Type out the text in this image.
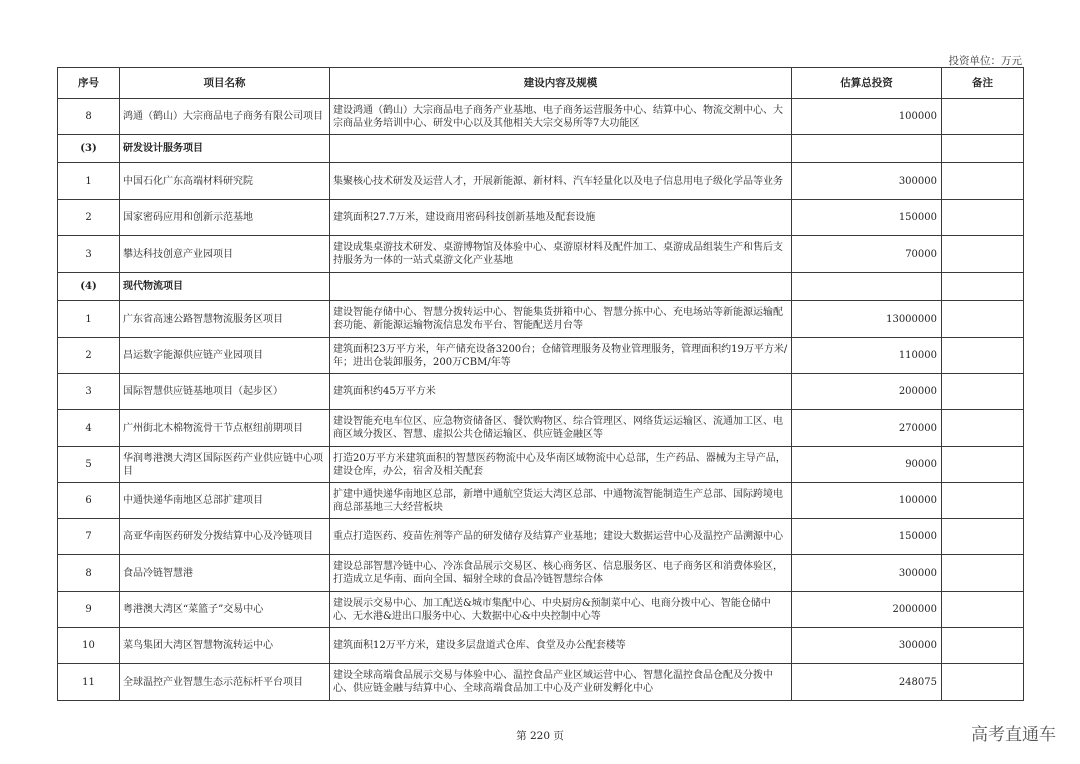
投资单位：万元
序号	项目名称	建设内容及规模	估算总投资	备注
8	鸿通（鹤山）大宗商品电子商务有限公司项目	建设鸿通（鹤山）大宗商品电子商务产业基地、电子商务运营服务中心、结算中心、物流交割中心、大宗商品业务培训中心、研发中心以及其他相关大宗交易所等7大功能区	100000	
(3)	研发设计服务项目			
1	中国石化广东高端材料研究院	集聚核心技术研发及运营人才，开展新能源、新材料、汽车轻量化以及电子信息用电子级化学品等业务	300000	
2	国家密码应用和创新示范基地	建筑面积27.7万米，建设商用密码科技创新基地及配套设施	150000	
3	攀达科技创意产业园项目	建设成集桌游技术研发、桌游博物馆及体验中心、桌游原材料及配件加工、桌游成品组装生产和售后支持服务为一体的一站式桌游文化产业基地	70000	
(4)	现代物流项目			
1	广东省高速公路智慧物流服务区项目	建设智能存储中心、智慧分拨转运中心、智能集货拼箱中心、智慧分拣中心、充电场站等新能源运输配套功能、新能源运输物流信息发布平台、智能配送月台等	13000000	
2	昌运数字能源供应链产业园项目	建筑面积23万平方米，年产储充设备3200台；仓储管理服务及物业管理服务，管理面积约19万平方米/年；进出仓装卸服务，200万CBM/年等	110000	
3	国际智慧供应链基地项目（起步区）	建筑面积约45万平方米	200000	
4	广州街北木棉物流骨干节点枢纽前期项目	建设智能充电车位区、应急物资储备区、餐饮购物区、综合管理区、网络货运运输区、流通加工区、电商区域分拨区、智慧、虚拟公共仓储运输区、供应链金融区等	270000	
5	华润粤港澳大湾区国际医药产业供应链中心项目	打造20万平方米建筑面积的智慧医药物流中心及华南区域物流中心总部，生产药品、器械为主导产品，建设仓库，办公，宿舍及相关配套	90000	
6	中通快递华南地区总部扩建项目	扩建中通快递华南地区总部，新增中通航空货运大湾区总部、中通物流智能制造生产总部、国际跨境电商总部基地三大经营板块	100000	
7	高亚华南医药研发分拨结算中心及冷链项目	重点打造医药、疫苗佐剂等产品的研发储存及结算产业基地；建设大数据运营中心及温控产品溯源中心	150000	
8	食品冷链智慧港	建设总部智慧冷链中心、冷冻食品展示交易区、核心商务区、信息服务区、电子商务区和消费体验区，打造成立足华南、面向全国、辐射全球的食品冷链智慧综合体	300000	
9	粤港澳大湾区“菜篮子”交易中心	建设展示交易中心、加工配送&城市集配中心、中央厨房&预制菜中心、电商分拨中心、智能仓储中心、无水港&进出口服务中心、大数据中心&中央控制中心等	2000000	
10	菜鸟集团大湾区智慧物流转运中心	建筑面积12万平方米，建设多层盘道式仓库、食堂及办公配套楼等	300000	
11	全球温控产业智慧生态示范标杆平台项目	建设全球高端食品展示交易与体验中心、温控食品产业区域运营中心、智慧化温控食品仓配及分拨中心、供应链金融与结算中心、全球高端食品加工中心及产业研发孵化中心	248075	
第 220 页	高考直通车
